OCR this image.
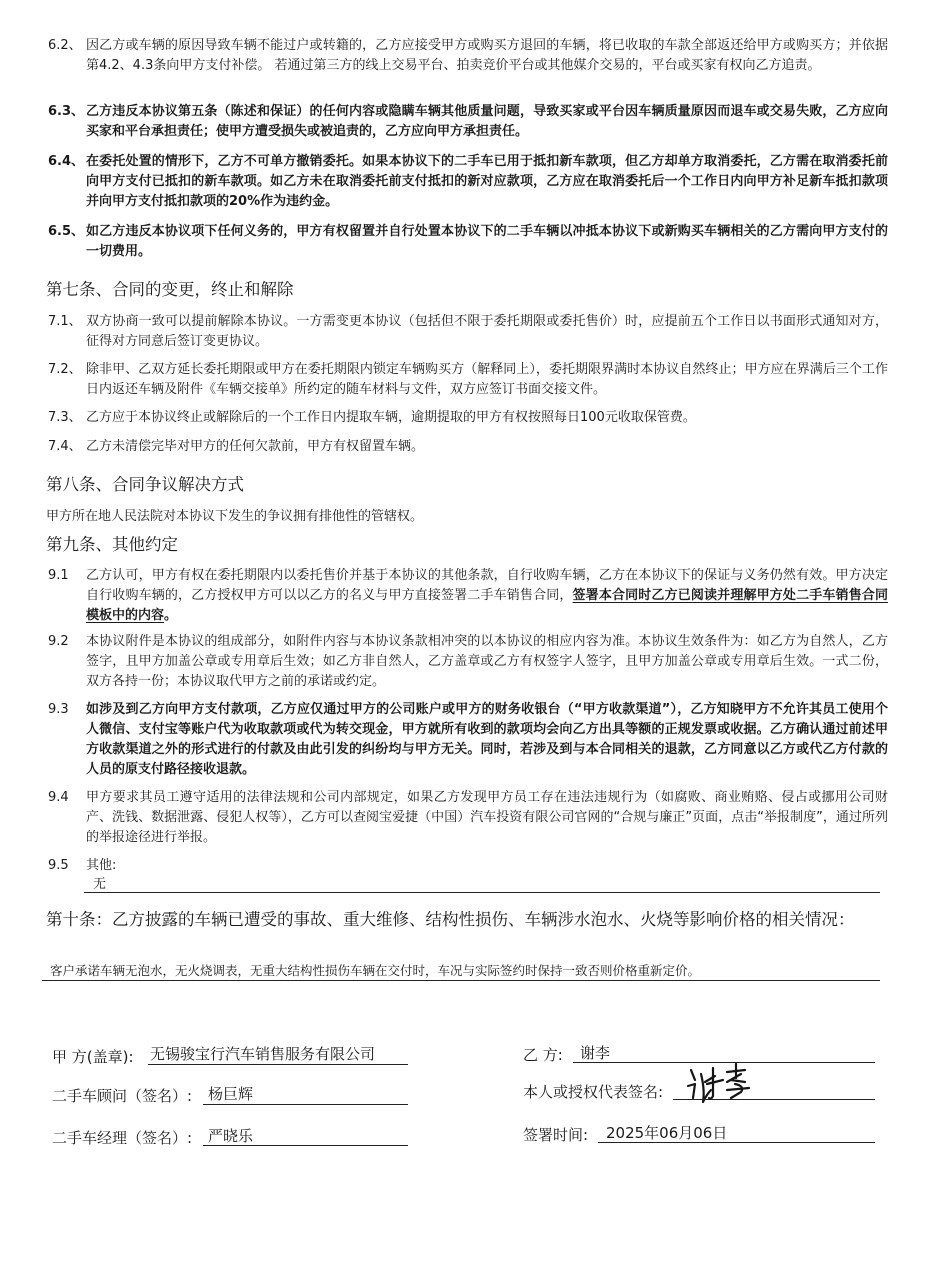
6.2、 因乙方或车辆的原因导致车辆不能过户或转籍的，乙方应接受甲方或购买方退回的车辆，将已收取的车款全部返还给甲方或购买方；并依据第4.2、4.3条向甲方支付补偿。 若通过第三方的线上交易平台、拍卖竞价平台或其他媒介交易的，平台或买家有权向乙方追责。
6.3、 乙方违反本协议第五条（陈述和保证）的任何内容或隐瞒车辆其他质量问题，导致买家或平台因车辆质量原因而退车或交易失败，乙方应向买家和平台承担责任；使甲方遭受损失或被追责的，乙方应向甲方承担责任。
6.4、 在委托处置的情形下，乙方不可单方撤销委托。如果本协议下的二手车已用于抵扣新车款项，但乙方却单方取消委托，乙方需在取消委托前向甲方支付已抵扣的新车款项。如乙方未在取消委托前支付抵扣的新对应款项，乙方应在取消委托后一个工作日内向甲方补足新车抵扣款项并向甲方支付抵扣款项的20%作为违约金。
6.5、 如乙方违反本协议项下任何义务的，甲方有权留置并自行处置本协议下的二手车辆以冲抵本协议下或新购买车辆相关的乙方需向甲方支付的一切费用。
第七条、合同的变更，终止和解除
7.1、 双方协商一致可以提前解除本协议。一方需变更本协议（包括但不限于委托期限或委托售价）时，应提前五个工作日以书面形式通知对方，征得对方同意后签订变更协议。
7.2、 除非甲、乙双方延长委托期限或甲方在委托期限内锁定车辆购买方（解释同上），委托期限界满时本协议自然终止；甲方应在界满后三个工作日内返还车辆及附件《车辆交接单》所约定的随车材料与文件，双方应签订书面交接文件。
7.3、 乙方应于本协议终止或解除后的一个工作日内提取车辆，逾期提取的甲方有权按照每日100元收取保管费。
7.4、 乙方未清偿完毕对甲方的任何欠款前，甲方有权留置车辆。
第八条、合同争议解决方式
甲方所在地人民法院对本协议下发生的争议拥有排他性的管辖权。
第九条、其他约定
9.1	乙方认可，甲方有权在委托期限内以委托售价并基于本协议的其他条款，自行收购车辆，乙方在本协议下的保证与义务仍然有效。甲方决定自行收购车辆的，乙方授权甲方可以以乙方的名义与甲方直接签署二手车销售合同，签署本合同时乙方已阅读并理解甲方处二手车销售合同模板中的内容。
9.2	本协议附件是本协议的组成部分，如附件内容与本协议条款相冲突的以本协议的相应内容为准。本协议生效条件为：如乙方为自然人，乙方签字，且甲方加盖公章或专用章后生效；如乙方非自然人，乙方盖章或乙方有权签字人签字，且甲方加盖公章或专用章后生效。一式二份，双方各持一份；本协议取代甲方之前的承诺或约定。
9.3	如涉及到乙方向甲方支付款项，乙方应仅通过甲方的公司账户或甲方的财务收银台（“甲方收款渠道”），乙方知晓甲方不允许其员工使用个人微信、支付宝等账户代为收取款项或代为转交现金，甲方就所有收到的款项均会向乙方出具等额的正规发票或收据。乙方确认通过前述甲方收款渠道之外的形式进行的付款及由此引发的纠纷均与甲方无关。同时，若涉及到与本合同相关的退款，乙方同意以乙方或代乙方付款的人员的原支付路径接收退款。
9.4	甲方要求其员工遵守适用的法律法规和公司内部规定，如果乙方发现甲方员工存在违法违规行为（如腐败、商业贿赂、侵占或挪用公司财产、洗钱、数据泄露、侵犯人权等），乙方可以查阅宝爱捷（中国）汽车投资有限公司官网的“合规与廉正”页面，点击“举报制度”，通过所列的举报途径进行举报。
9.5	其他:
无
第十条：乙方披露的车辆已遭受的事故、重大维修、结构性损伤、车辆涉水泡水、火烧等影响价格的相关情况：
客户承诺车辆无泡水，无火烧调表，无重大结构性损伤车辆在交付时，车况与实际签约时保持一致否则价格重新定价。
甲 方(盖章): 无锡骏宝行汽车销售服务有限公司
二手车顾问（签名）: 杨巨辉
二手车经理（签名）: 严晓乐
乙 方: 谢李
本人或授权代表签名:
签署时间: 2025年06月06日
